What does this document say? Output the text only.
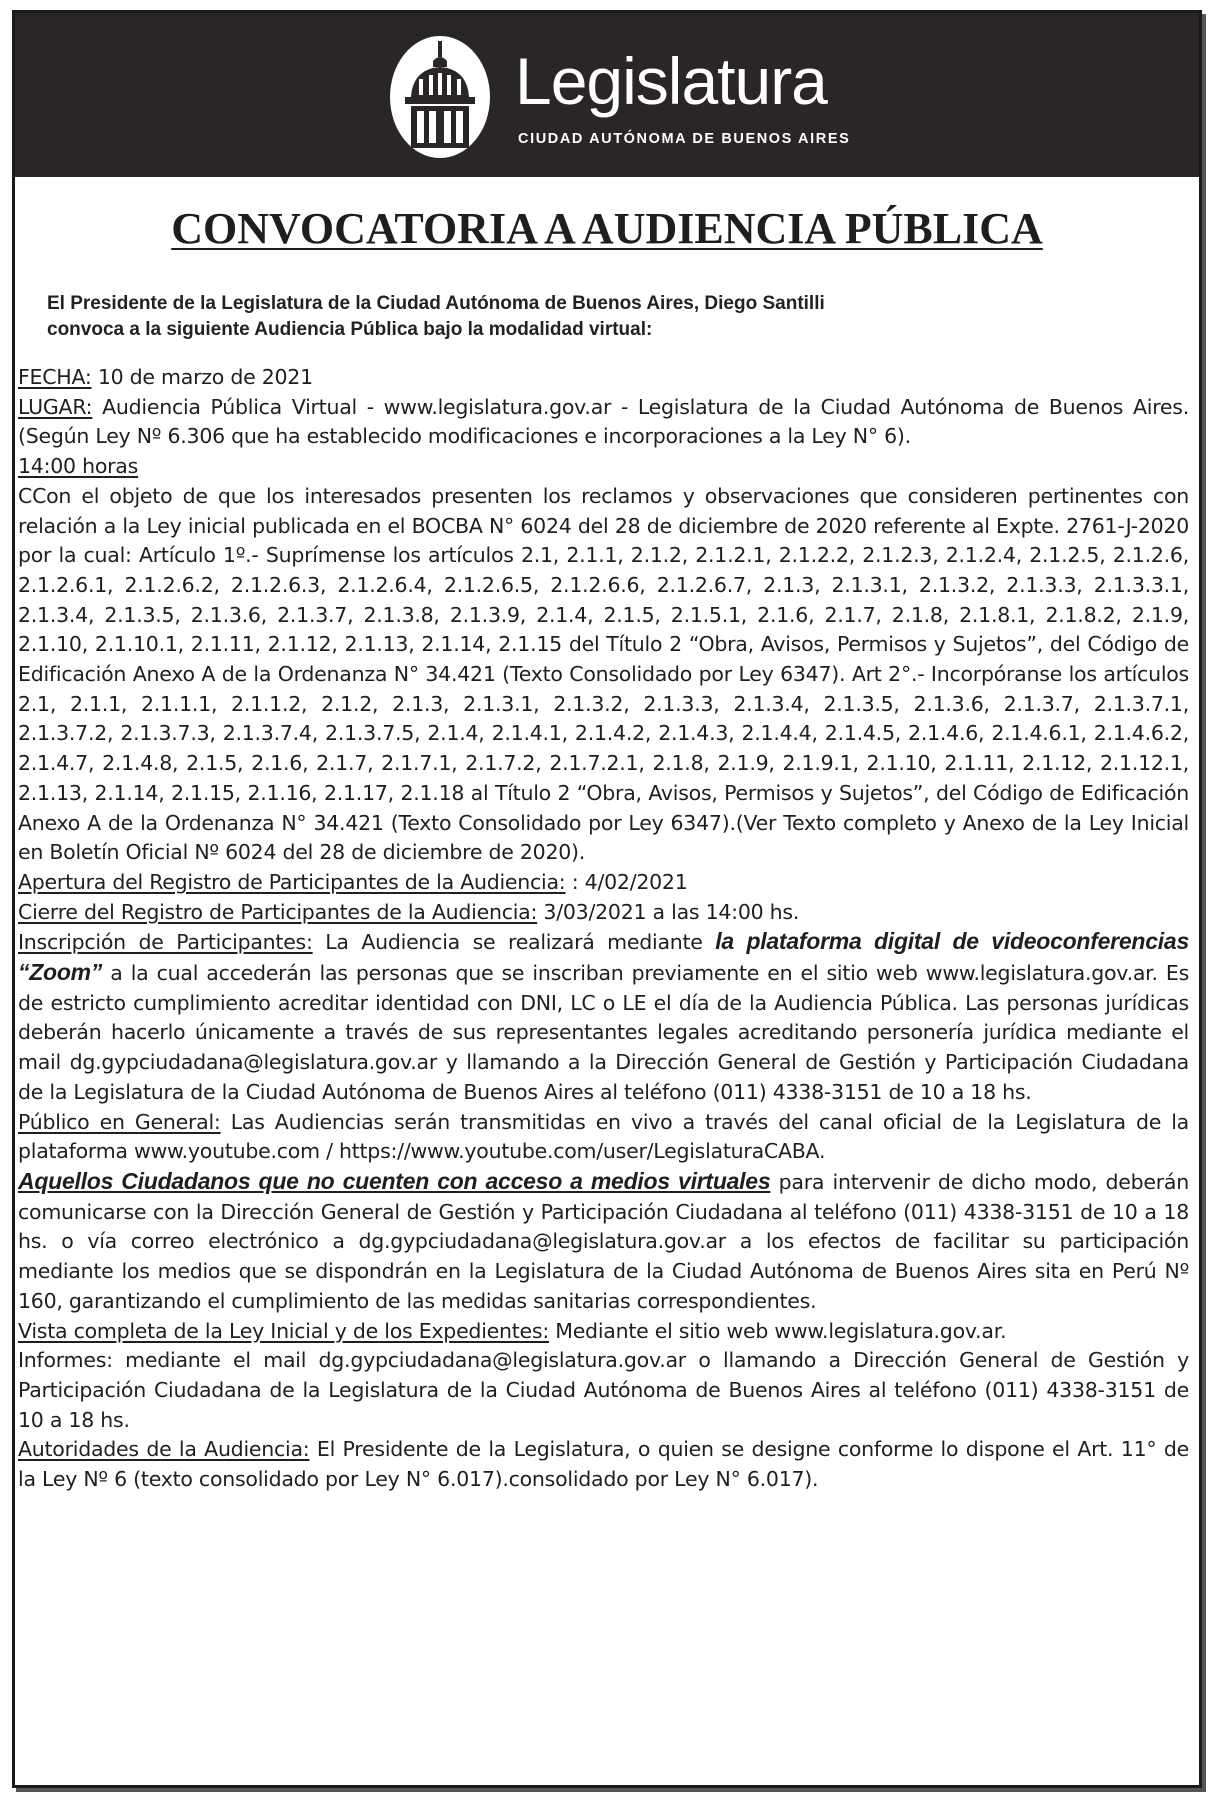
Legislatura
CIUDAD AUTÓNOMA DE BUENOS AIRES
CONVOCATORIA A AUDIENCIA PÚBLICA
El Presidente de la Legislatura de la Ciudad Autónoma de Buenos Aires, Diego Santilli
convoca a la siguiente Audiencia Pública bajo la modalidad virtual:

FECHA: 10 de marzo de 2021

LUGAR: Audiencia Pública Virtual - www.legislatura.gov.ar - Legislatura de la Ciudad Autónoma de Buenos Aires. (Según Ley Nº 6.306 que ha establecido modificaciones e incorporaciones a la Ley N° 6).

14:00 horas

CCon el objeto de que los interesados presenten los reclamos y observaciones que consideren pertinentes con relación a la Ley inicial publicada en el BOCBA N° 6024 del 28 de diciembre de 2020 referente al Expte. 2761-J-2020 por la cual: Artículo 1º.- Suprímense los artículos 2.1, 2.1.1, 2.1.2, 2.1.2.1, 2.1.2.2, 2.1.2.3, 2.1.2.4, 2.1.2.5, 2.1.2.6, 2.1.2.6.1, 2.1.2.6.2, 2.1.2.6.3, 2.1.2.6.4, 2.1.2.6.5, 2.1.2.6.6, 2.1.2.6.7, 2.1.3, 2.1.3.1, 2.1.3.2, 2.1.3.3, 2.1.3.3.1, 2.1.3.4, 2.1.3.5, 2.1.3.6, 2.1.3.7, 2.1.3.8, 2.1.3.9, 2.1.4, 2.1.5, 2.1.5.1, 2.1.6, 2.1.7, 2.1.8, 2.1.8.1, 2.1.8.2, 2.1.9, 2.1.10, 2.1.10.1, 2.1.11, 2.1.12, 2.1.13, 2.1.14, 2.1.15 del Título 2 “Obra, Avisos, Permisos y Sujetos”, del Código de Edificación Anexo A de la Ordenanza N° 34.421 (Texto Consolidado por Ley 6347). Art 2°.- Incorpóranse los artículos 2.1, 2.1.1, 2.1.1.1, 2.1.1.2, 2.1.2, 2.1.3, 2.1.3.1, 2.1.3.2, 2.1.3.3, 2.1.3.4, 2.1.3.5, 2.1.3.6, 2.1.3.7, 2.1.3.7.1, 2.1.3.7.2, 2.1.3.7.3, 2.1.3.7.4, 2.1.3.7.5, 2.1.4, 2.1.4.1, 2.1.4.2, 2.1.4.3, 2.1.4.4, 2.1.4.5, 2.1.4.6, 2.1.4.6.1, 2.1.4.6.2, 2.1.4.7, 2.1.4.8, 2.1.5, 2.1.6, 2.1.7, 2.1.7.1, 2.1.7.2, 2.1.7.2.1, 2.1.8, 2.1.9, 2.1.9.1, 2.1.10, 2.1.11, 2.1.12, 2.1.12.1, 2.1.13, 2.1.14, 2.1.15, 2.1.16, 2.1.17, 2.1.18 al Título 2 “Obra, Avisos, Permisos y Sujetos”, del Código de Edificación Anexo A de la Ordenanza N° 34.421 (Texto Consolidado por Ley 6347).(Ver Texto completo y Anexo de la Ley Inicial en Boletín Oficial Nº 6024 del 28 de diciembre de 2020).

Apertura del Registro de Participantes de la Audiencia: : 4/02/2021

Cierre del Registro de Participantes de la Audiencia: 3/03/2021 a las 14:00 hs.

Inscripción de Participantes: La Audiencia se realizará mediante la plataforma digital de videoconferencias “Zoom” a la cual accederán las personas que se inscriban previamente en el sitio web www.legislatura.gov.ar. Es de estricto cumplimiento acreditar identidad con DNI, LC o LE el día de la Audiencia Pública. Las personas jurídicas deberán hacerlo únicamente a través de sus representantes legales acreditando personería jurídica mediante el mail dg.gypciudadana@legislatura.gov.ar y llamando a la Dirección General de Gestión y Participación Ciudadana de la Legislatura de la Ciudad Autónoma de Buenos Aires al teléfono (011) 4338-3151 de 10 a 18 hs.

Público en General: Las Audiencias serán transmitidas en vivo a través del canal oficial de la Legislatura de la plataforma www.youtube.com / https://www.youtube.com/user/LegislaturaCABA.

Aquellos Ciudadanos que no cuenten con acceso a medios virtuales para intervenir de dicho modo, deberán comunicarse con la Dirección General de Gestión y Participación Ciudadana al teléfono (011) 4338-3151 de 10 a 18 hs. o vía correo electrónico a dg.gypciudadana@legislatura.gov.ar a los efectos de facilitar su participación mediante los medios que se dispondrán en la Legislatura de la Ciudad Autónoma de Buenos Aires sita en Perú Nº 160, garantizando el cumplimiento de las medidas sanitarias correspondientes.

Vista completa de la Ley Inicial y de los Expedientes: Mediante el sitio web www.legislatura.gov.ar.

Informes: mediante el mail dg.gypciudadana@legislatura.gov.ar o llamando a Dirección General de Gestión y Participación Ciudadana de la Legislatura de la Ciudad Autónoma de Buenos Aires al teléfono (011) 4338-3151 de 10 a 18 hs.

Autoridades de la Audiencia: El Presidente de la Legislatura, o quien se designe conforme lo dispone el Art. 11° de la Ley Nº 6 (texto consolidado por Ley N° 6.017).consolidado por Ley N° 6.017).
